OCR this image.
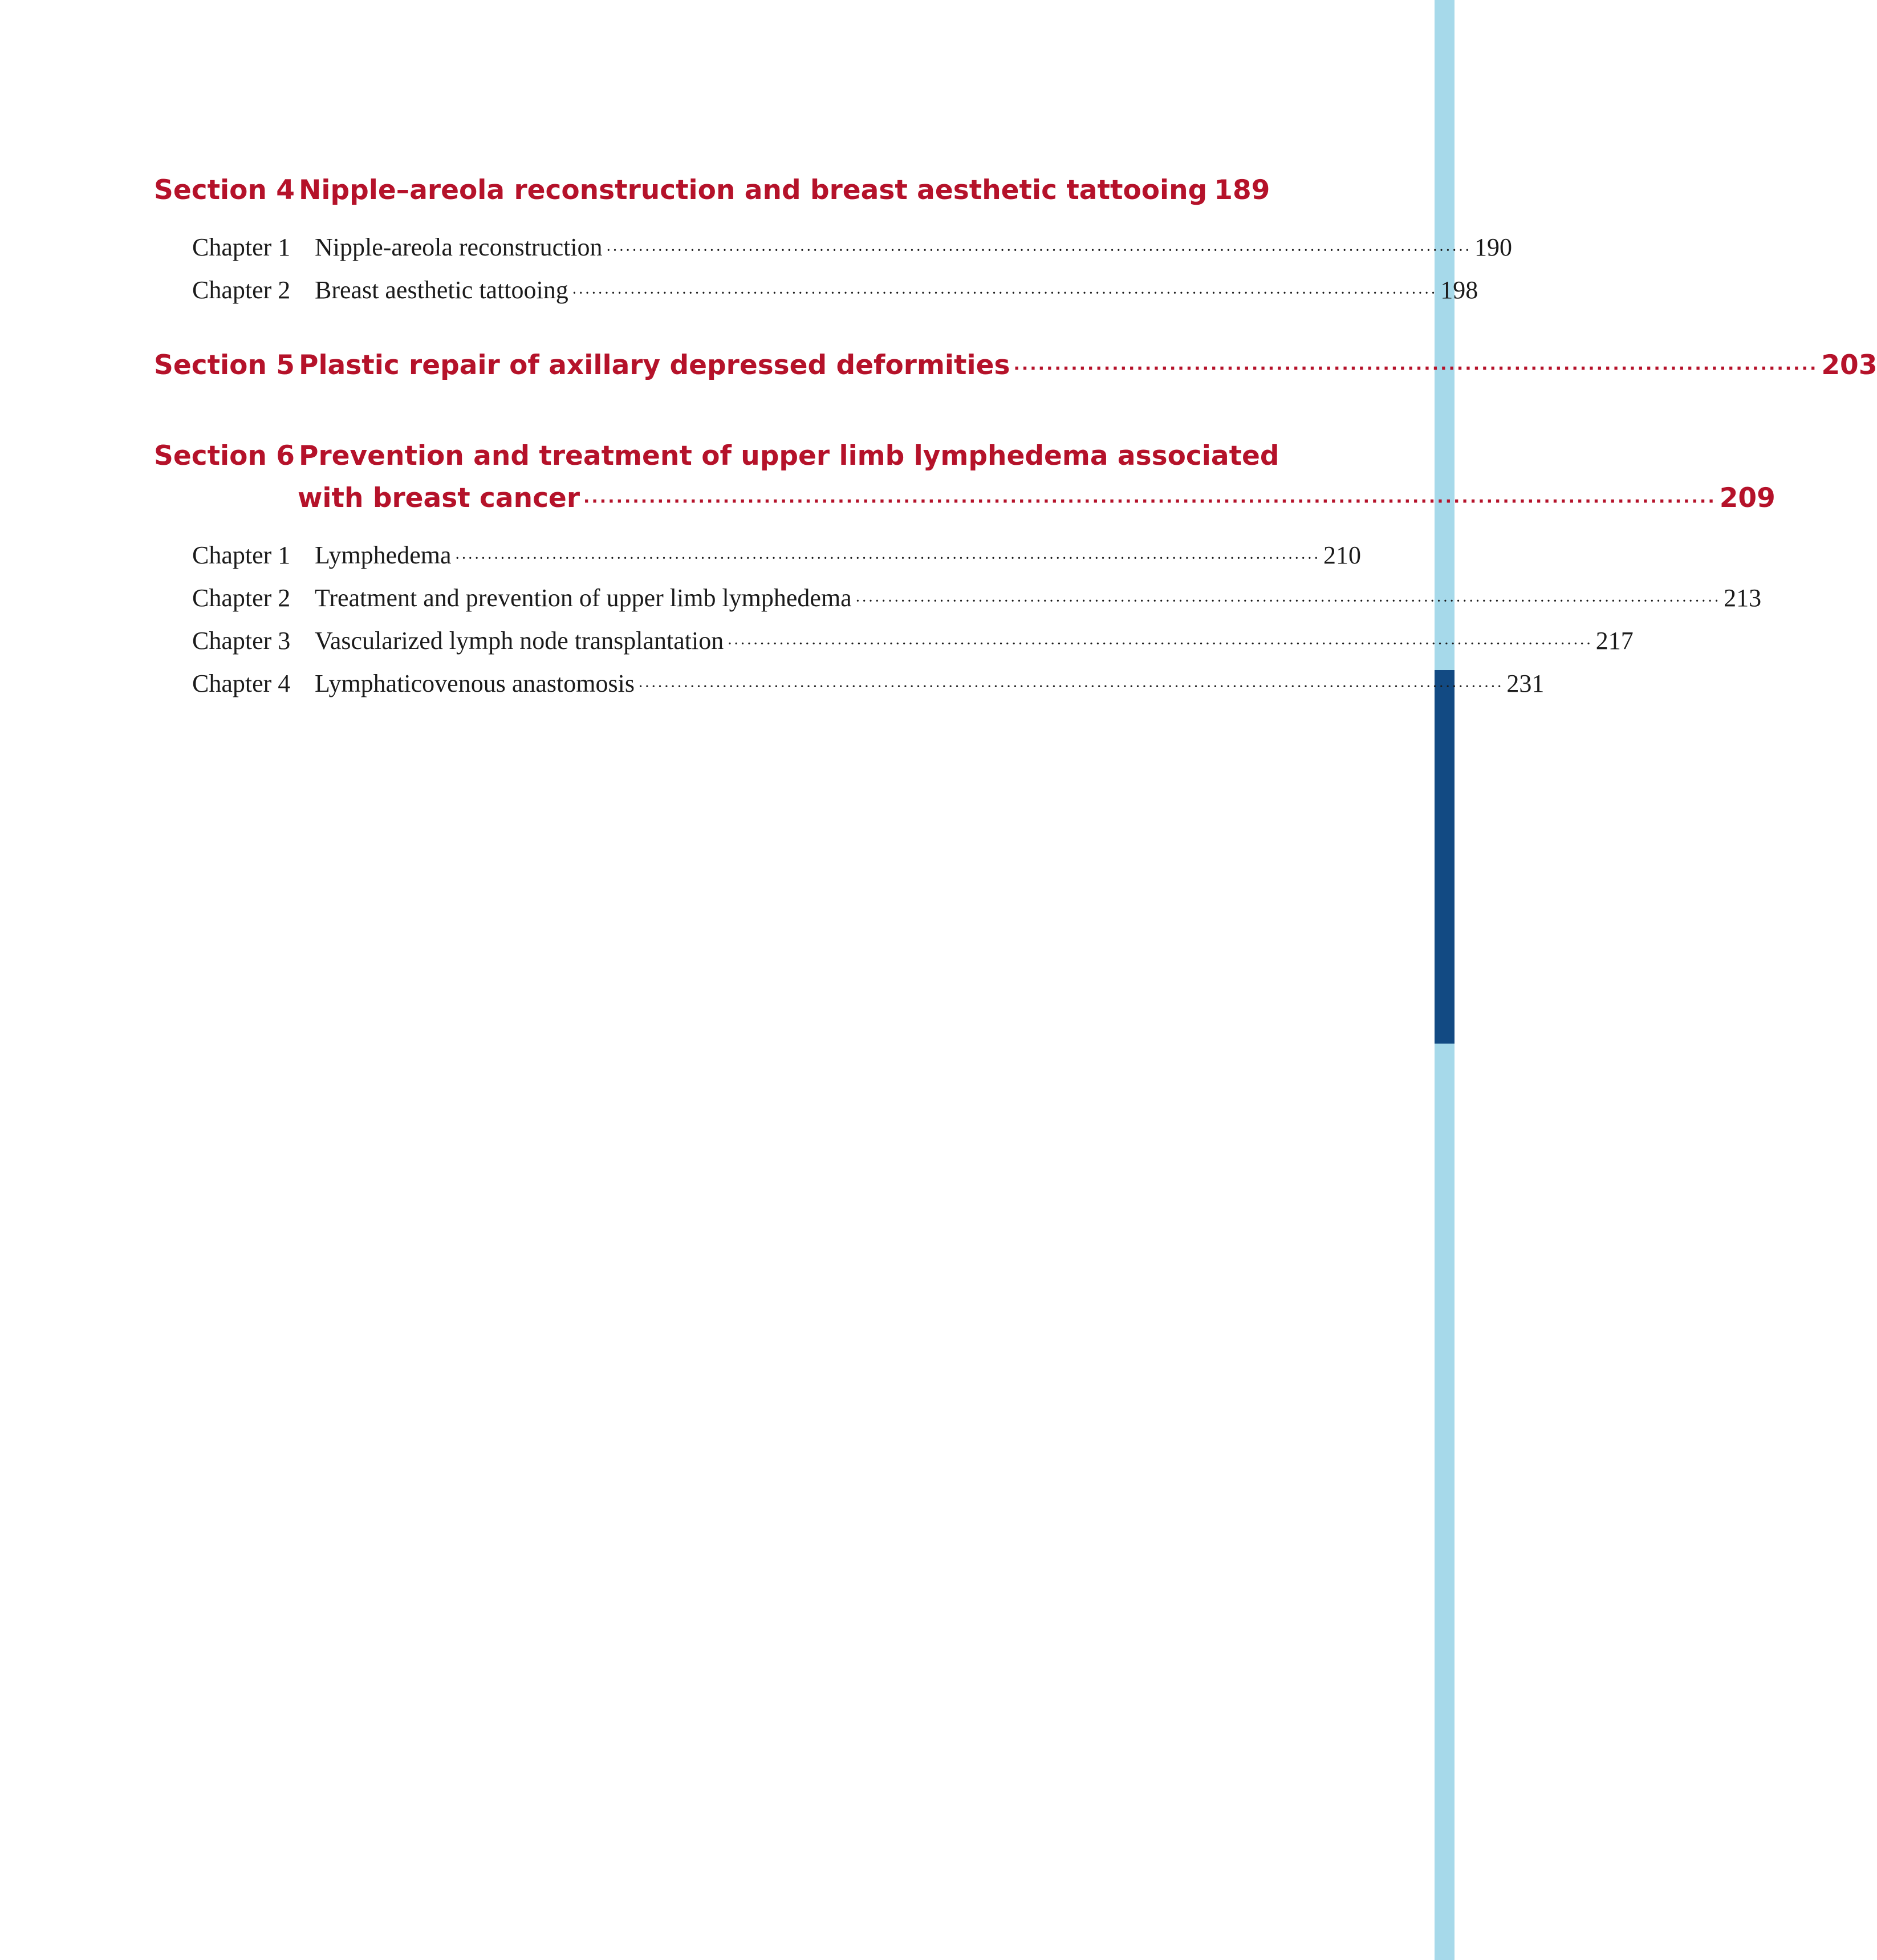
Section 4 Nipple–areola reconstruction and breast aesthetic tattooing 189
Chapter 1 Nipple-areola reconstruction ······································································································································ 190
Chapter 2 Breast aesthetic tattooing ······································································································································ 198
Section 5 Plastic repair of axillary depressed deformities ·································································································· 203
Section 6 Prevention and treatment of upper limb lymphedema associated
with breast cancer ·········································································································································· 209
Chapter 1 Lymphedema ······································································································································ 210
Chapter 2 Treatment and prevention of upper limb lymphedema ······································································································································ 213
Chapter 3 Vascularized lymph node transplantation ······································································································································ 217
Chapter 4 Lymphaticovenous anastomosis ······································································································································ 231
